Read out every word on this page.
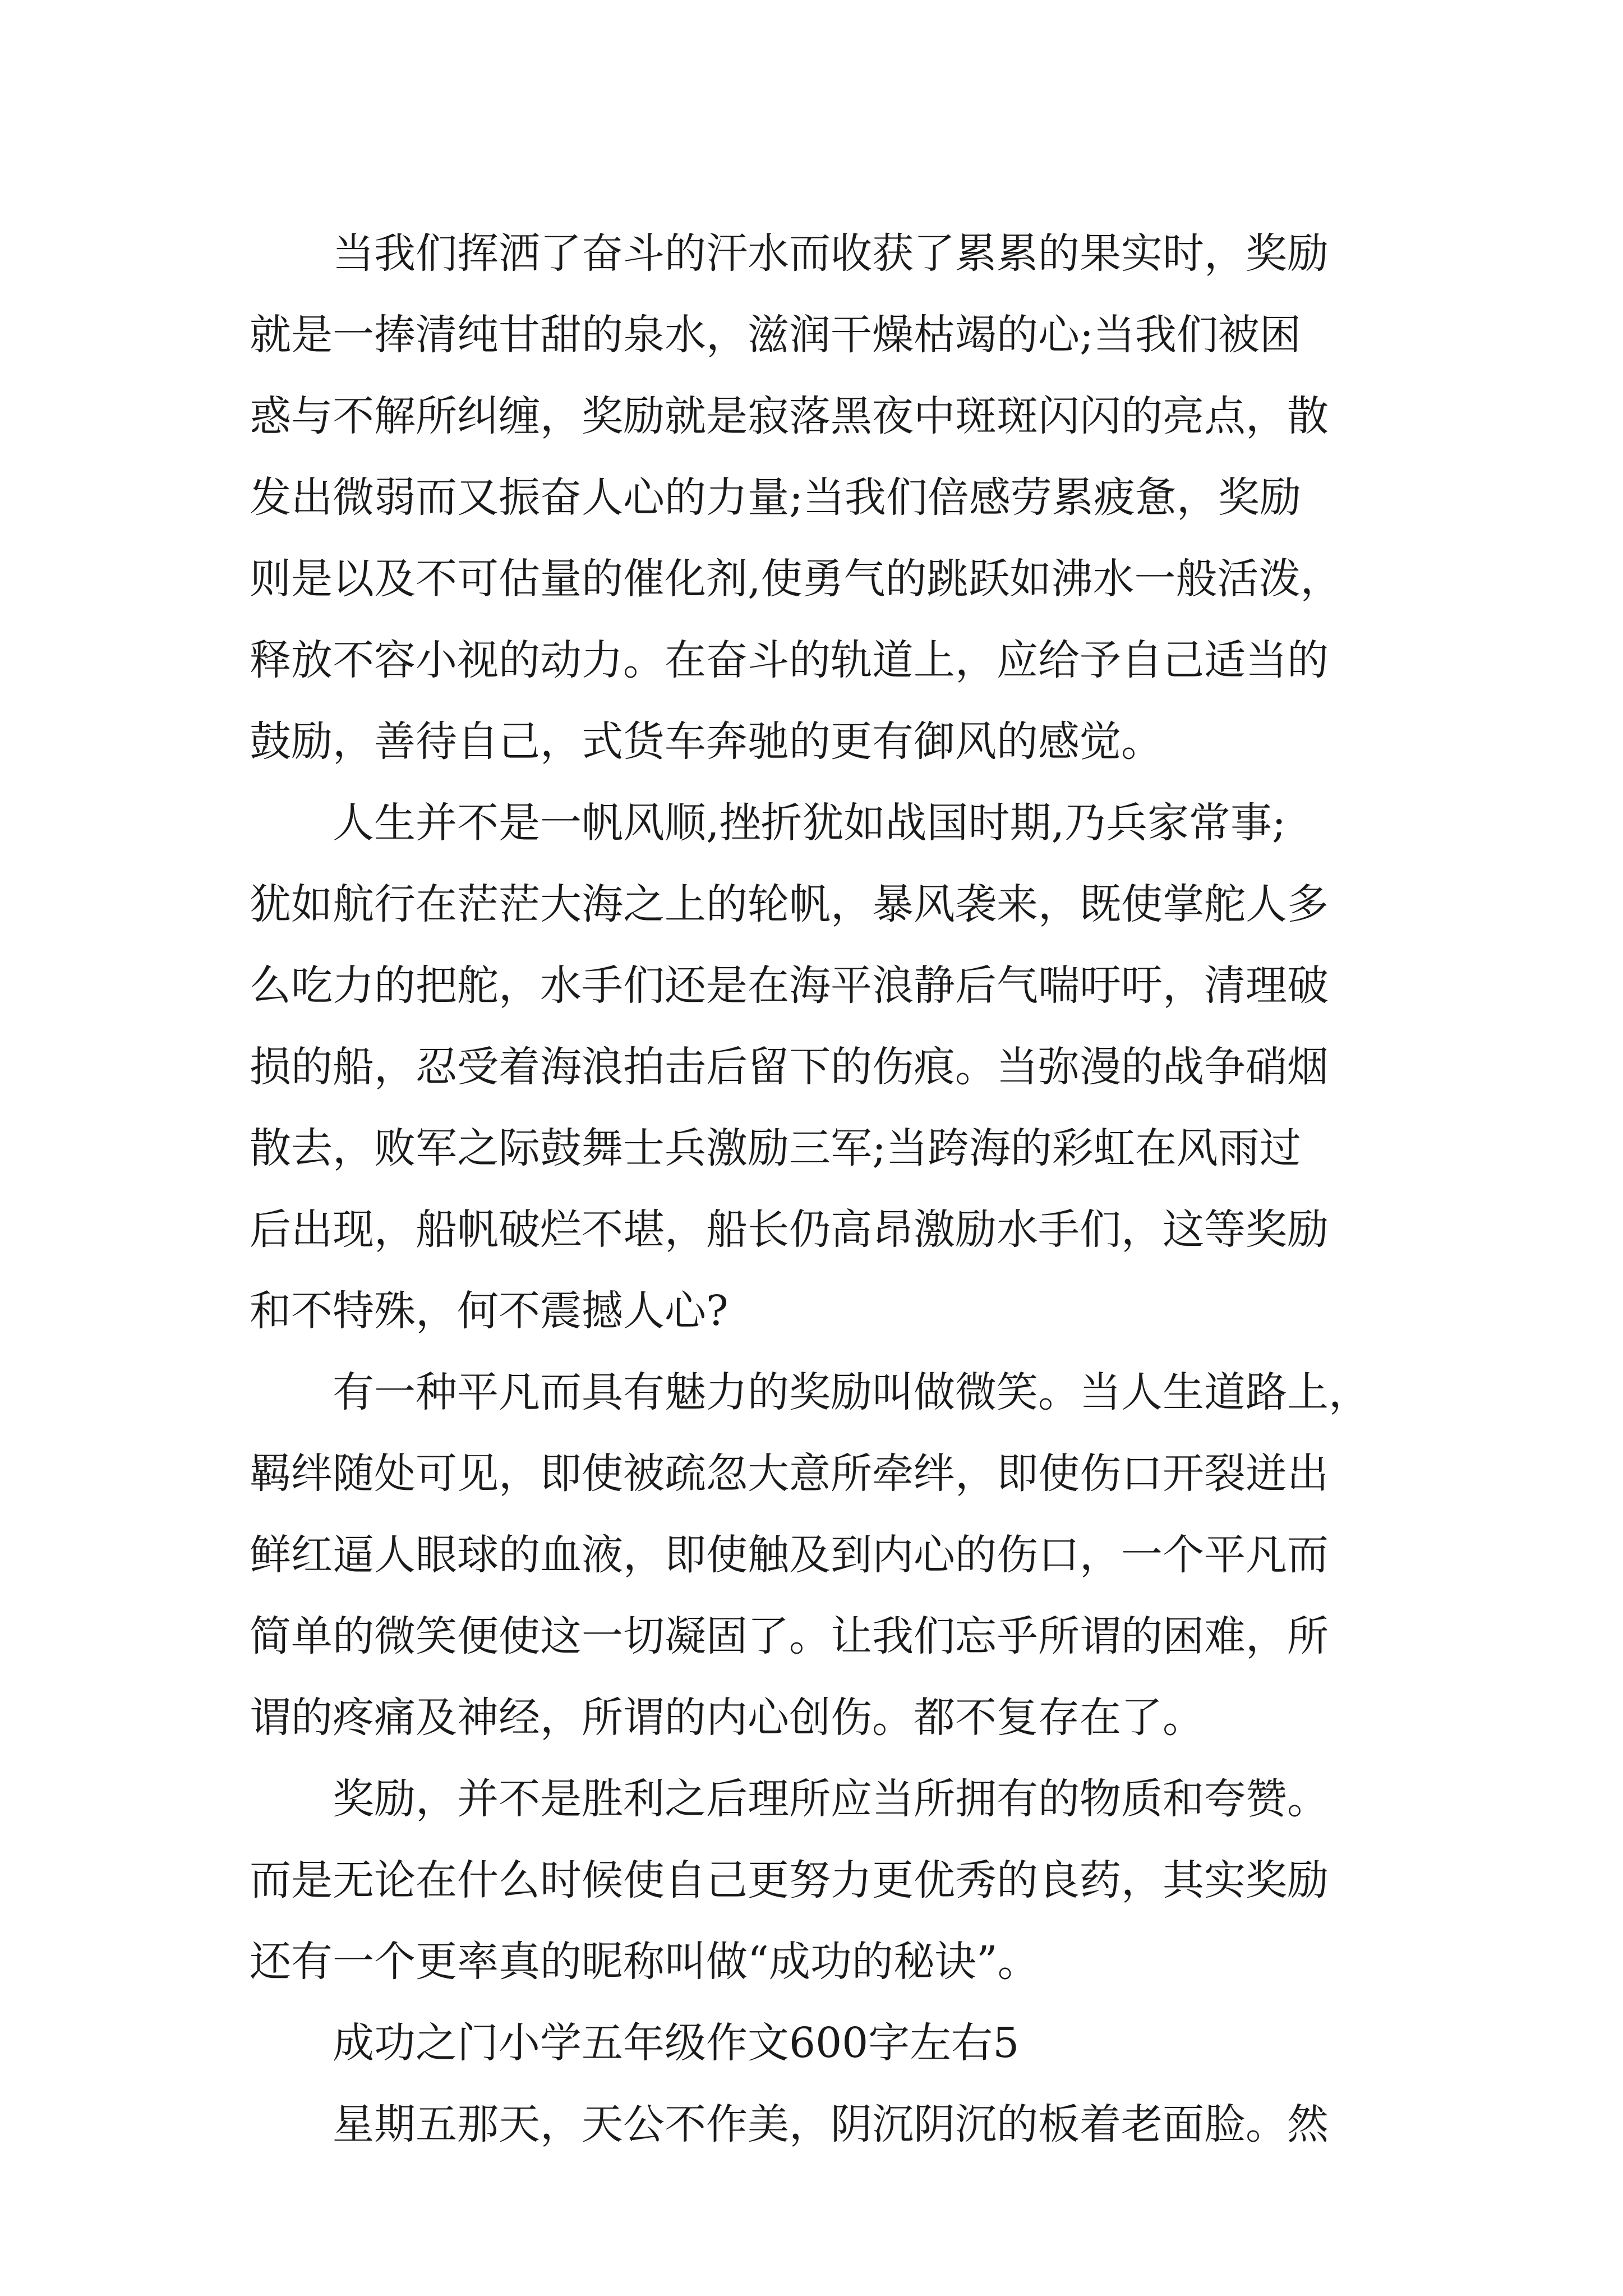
当我们挥洒了奋斗的汗水而收获了累累的果实时，奖励
就是一捧清纯甘甜的泉水，滋润干燥枯竭的心;当我们被困
惑与不解所纠缠，奖励就是寂落黑夜中斑斑闪闪的亮点，散
发出微弱而又振奋人心的力量;当我们倍感劳累疲惫，奖励
则是以及不可估量的催化剂,使勇气的跳跃如沸水一般活泼，
释放不容小视的动力。在奋斗的轨道上，应给予自己适当的
鼓励，善待自己，式货车奔驰的更有御风的感觉。
人生并不是一帆风顺,挫折犹如战国时期,乃兵家常事;
犹如航行在茫茫大海之上的轮帆，暴风袭来，既使掌舵人多
么吃力的把舵，水手们还是在海平浪静后气喘吁吁，清理破
损的船，忍受着海浪拍击后留下的伤痕。当弥漫的战争硝烟
散去，败军之际鼓舞士兵激励三军;当跨海的彩虹在风雨过
后出现，船帆破烂不堪，船长仍高昂激励水手们，这等奖励
和不特殊，何不震撼人心?
有一种平凡而具有魅力的奖励叫做微笑。当人生道路上，
羁绊随处可见，即使被疏忽大意所牵绊，即使伤口开裂迸出
鲜红逼人眼球的血液，即使触及到内心的伤口，一个平凡而
简单的微笑便使这一切凝固了。让我们忘乎所谓的困难，所
谓的疼痛及神经，所谓的内心创伤。都不复存在了。
奖励，并不是胜利之后理所应当所拥有的物质和夸赞。
而是无论在什么时候使自己更努力更优秀的良药，其实奖励
还有一个更率真的昵称叫做“成功的秘诀”。
成功之门小学五年级作文600字左右5
星期五那天，天公不作美，阴沉阴沉的板着老面脸。然
